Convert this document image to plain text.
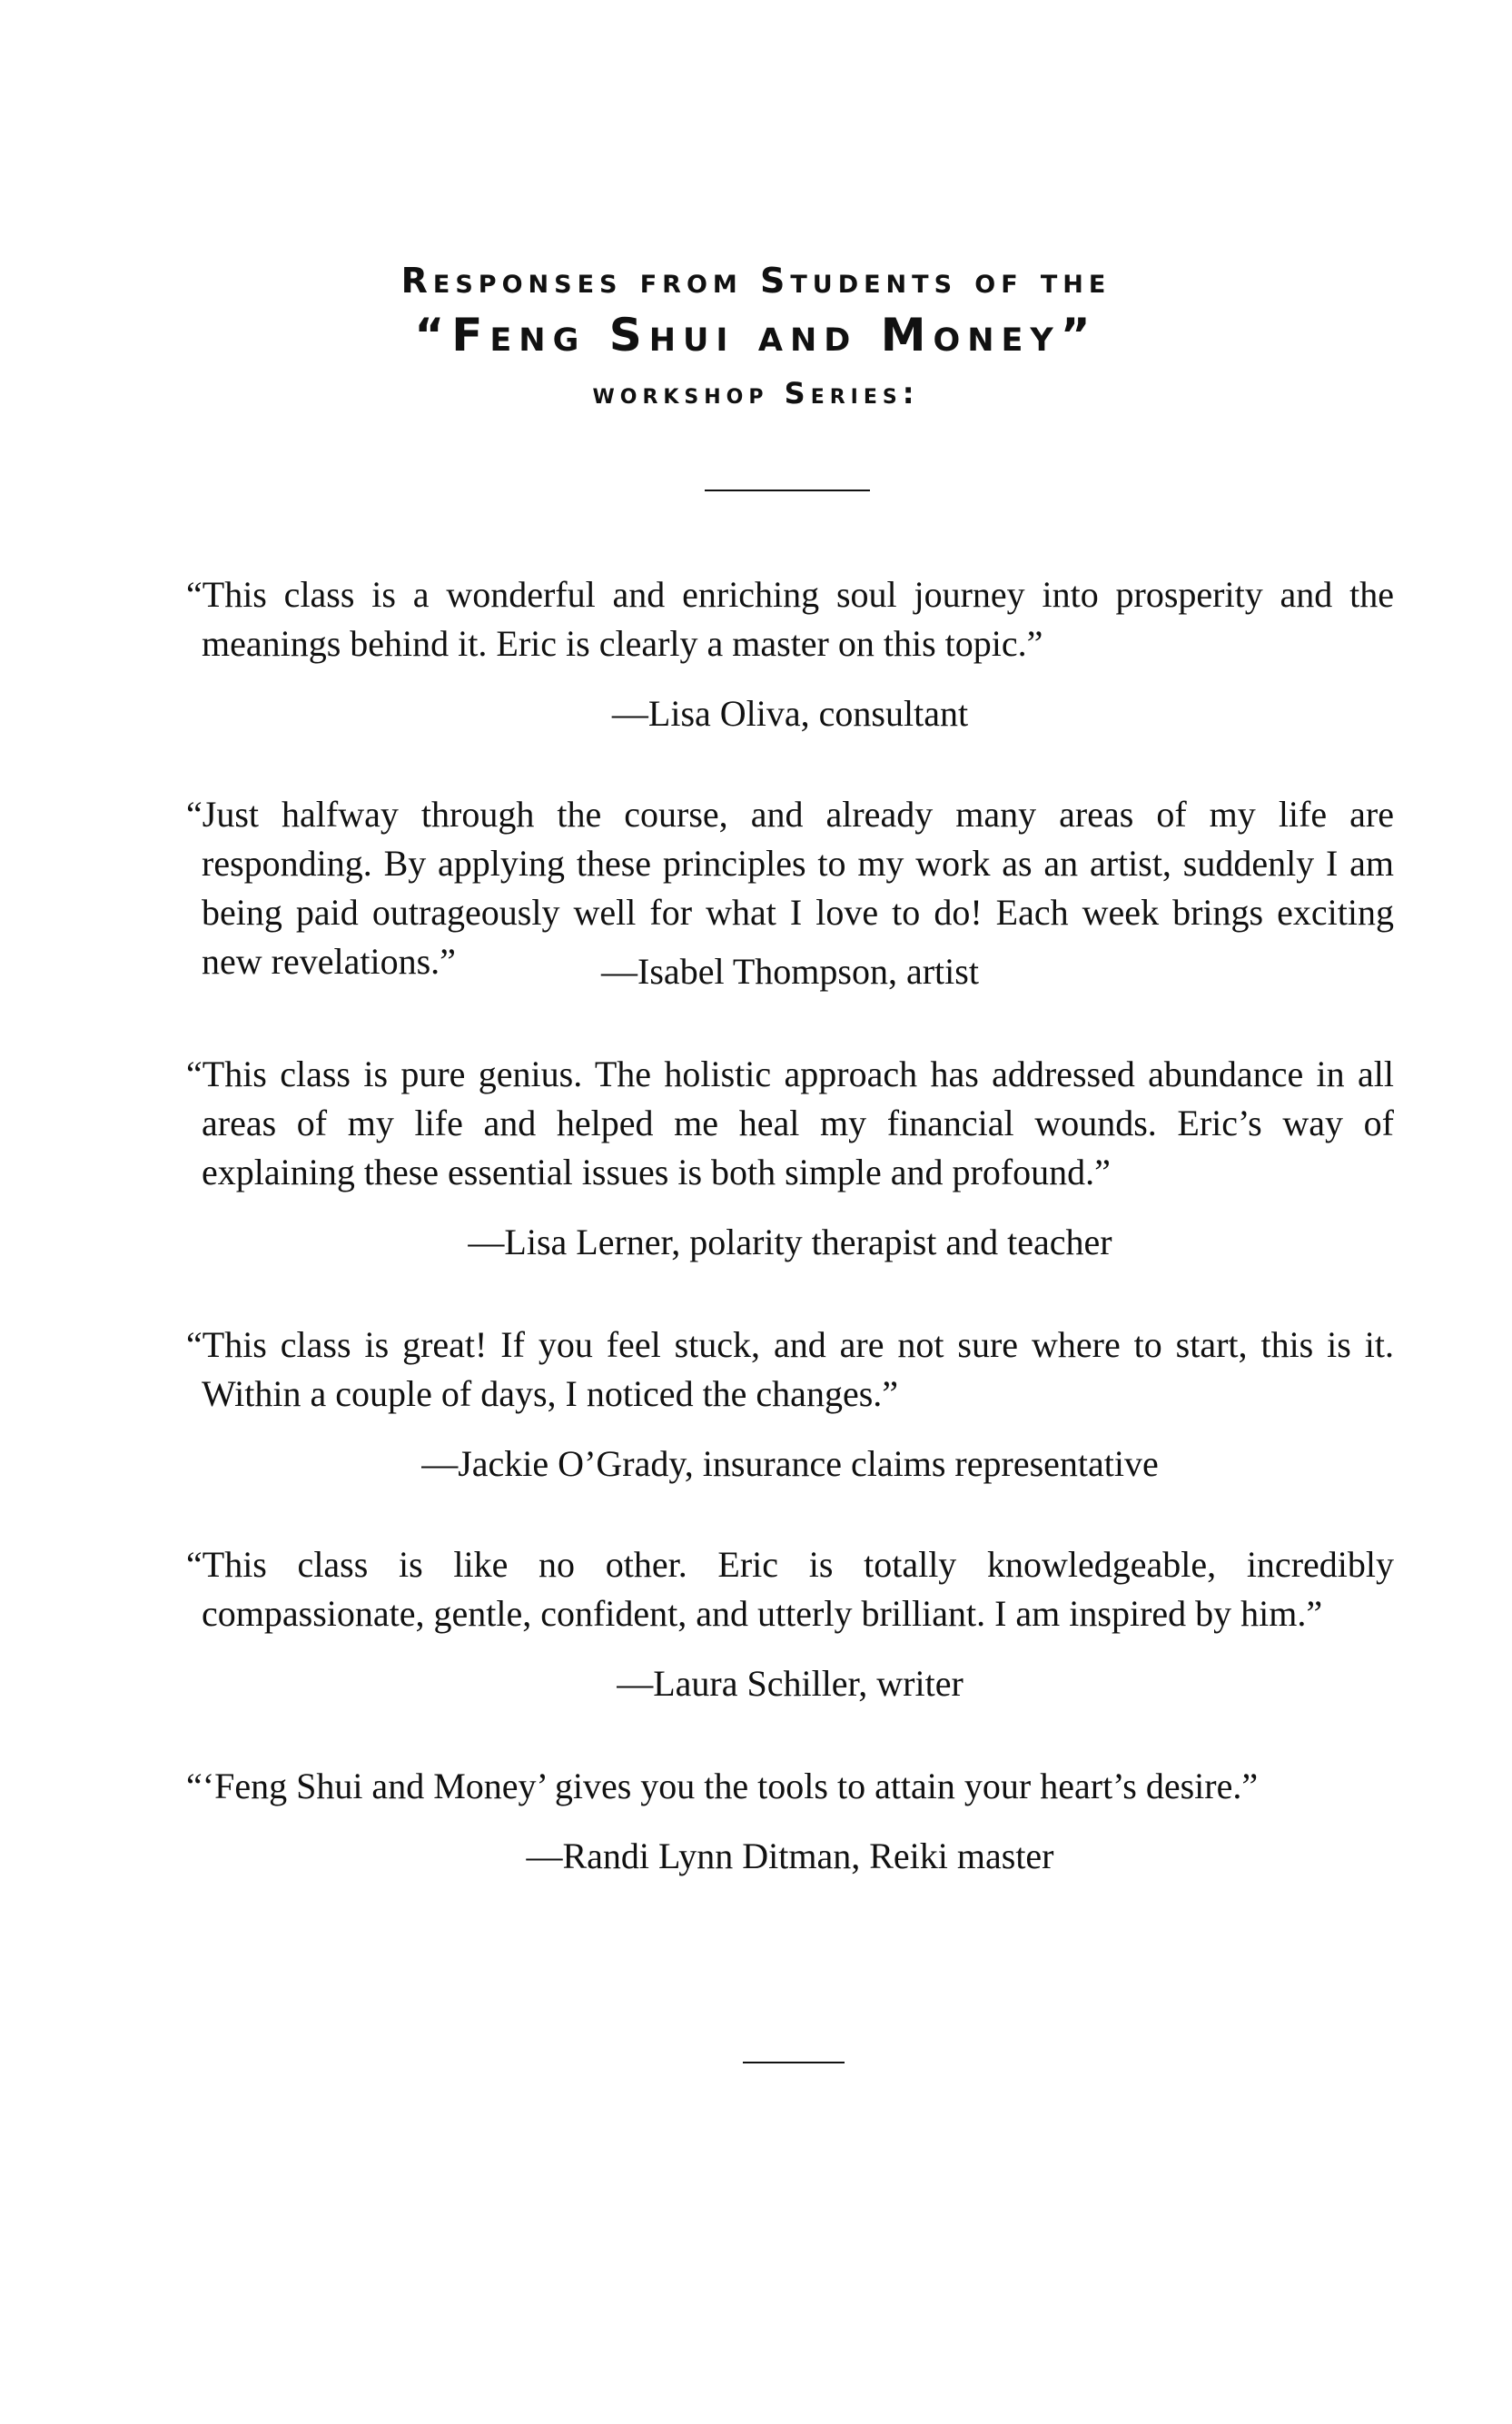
Responses from Students of the
“Feng Shui and Money”
workshop Series:
“This class is a wonderful and enriching soul journey into prosperity and the meanings behind it. Eric is clearly a master on this topic.”
—Lisa Oliva, consultant
“Just halfway through the course, and already many areas of my life are responding. By applying these principles to my work as an artist, suddenly I am being paid outrageously well for what I love to do! Each week brings exciting new revelations.”	—Isabel Thompson, artist
“This class is pure genius. The holistic approach has addressed abundance in all areas of my life and helped me heal my financial wounds. Eric’s way of explaining these essential issues is both simple and profound.”
—Lisa Lerner, polarity therapist and teacher
“This class is great! If you feel stuck, and are not sure where to start, this is it. Within a couple of days, I noticed the changes.”
—Jackie O’Grady, insurance claims representative
“This class is like no other. Eric is totally knowledgeable, incredibly compassionate, gentle, confident, and utterly brilliant. I am inspired by him.”
—Laura Schiller, writer
“‘Feng Shui and Money’ gives you the tools to attain your heart’s desire.”
—Randi Lynn Ditman, Reiki master
